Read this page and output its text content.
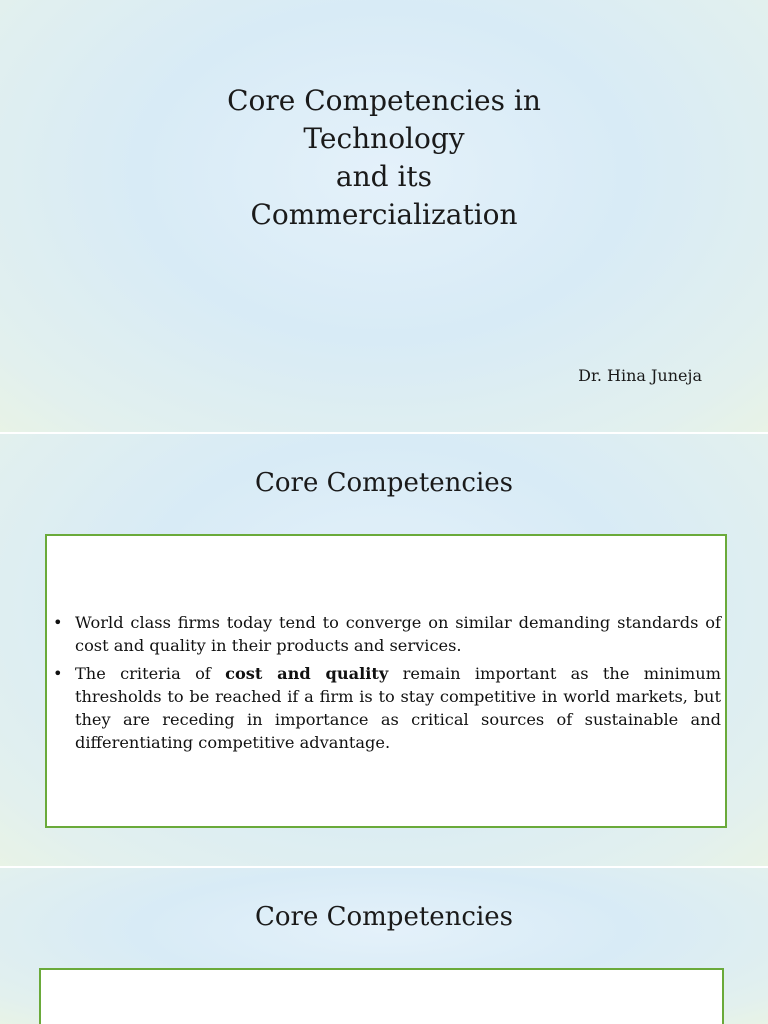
Core Competencies in
Technology
and its
Commercialization
Dr. Hina Juneja
Core Competencies
• World class firms today tend to converge on similar demanding standards of cost and quality in their products and services.
• The criteria of cost and quality remain important as the minimum thresholds to be reached if a firm is to stay competitive in world markets, but they are receding in importance as critical sources of sustainable and differentiating competitive advantage.
Core Competencies
